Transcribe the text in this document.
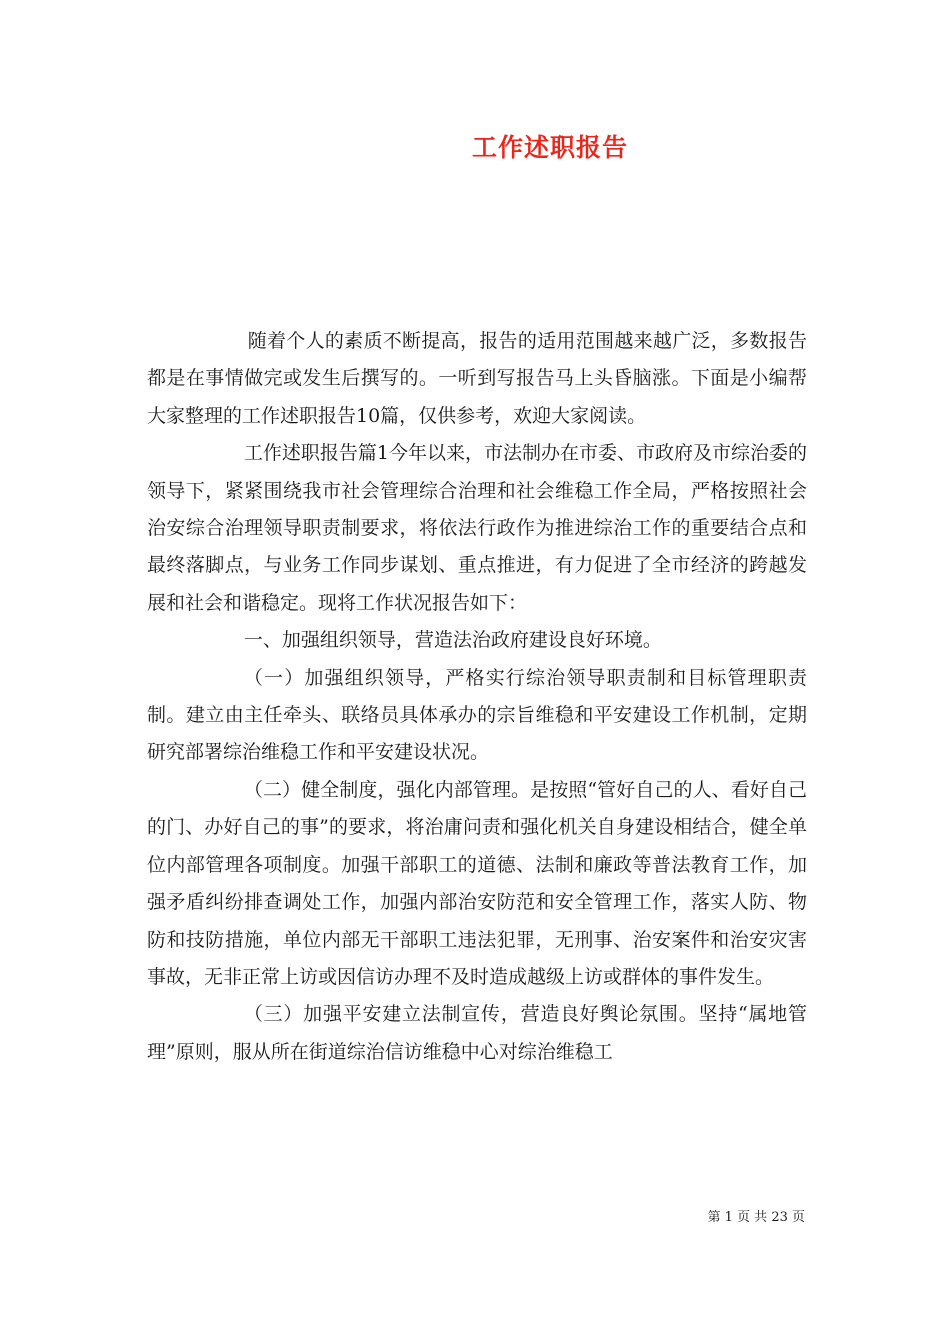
工作述职报告

随着个人的素质不断提高，报告的适用范围越来越广泛，多数报告都是在事情做完或发生后撰写的。一听到写报告马上头昏脑涨。下面是小编帮大家整理的工作述职报告10篇，仅供参考，欢迎大家阅读。

工作述职报告篇1今年以来，市法制办在市委、市政府及市综治委的领导下，紧紧围绕我市社会管理综合治理和社会维稳工作全局，严格按照社会治安综合治理领导职责制要求，将依法行政作为推进综治工作的重要结合点和最终落脚点，与业务工作同步谋划、重点推进，有力促进了全市经济的跨越发展和社会和谐稳定。现将工作状况报告如下：

一、加强组织领导，营造法治政府建设良好环境。

（一）加强组织领导，严格实行综治领导职责制和目标管理职责制。建立由主任牵头、联络员具体承办的宗旨维稳和平安建设工作机制，定期研究部署综治维稳工作和平安建设状况。

（二）健全制度，强化内部管理。是按照“管好自己的人、看好自己的门、办好自己的事”的要求，将治庸问责和强化机关自身建设相结合，健全单位内部管理各项制度。加强干部职工的道德、法制和廉政等普法教育工作，加强矛盾纠纷排查调处工作，加强内部治安防范和安全管理工作，落实人防、物防和技防措施，单位内部无干部职工违法犯罪，无刑事、治安案件和治安灾害事故，无非正常上访或因信访办理不及时造成越级上访或群体的事件发生。

（三）加强平安建立法制宣传，营造良好舆论氛围。坚持“属地管理”原则，服从所在街道综治信访维稳中心对综治维稳工

第 1 页 共 23 页
